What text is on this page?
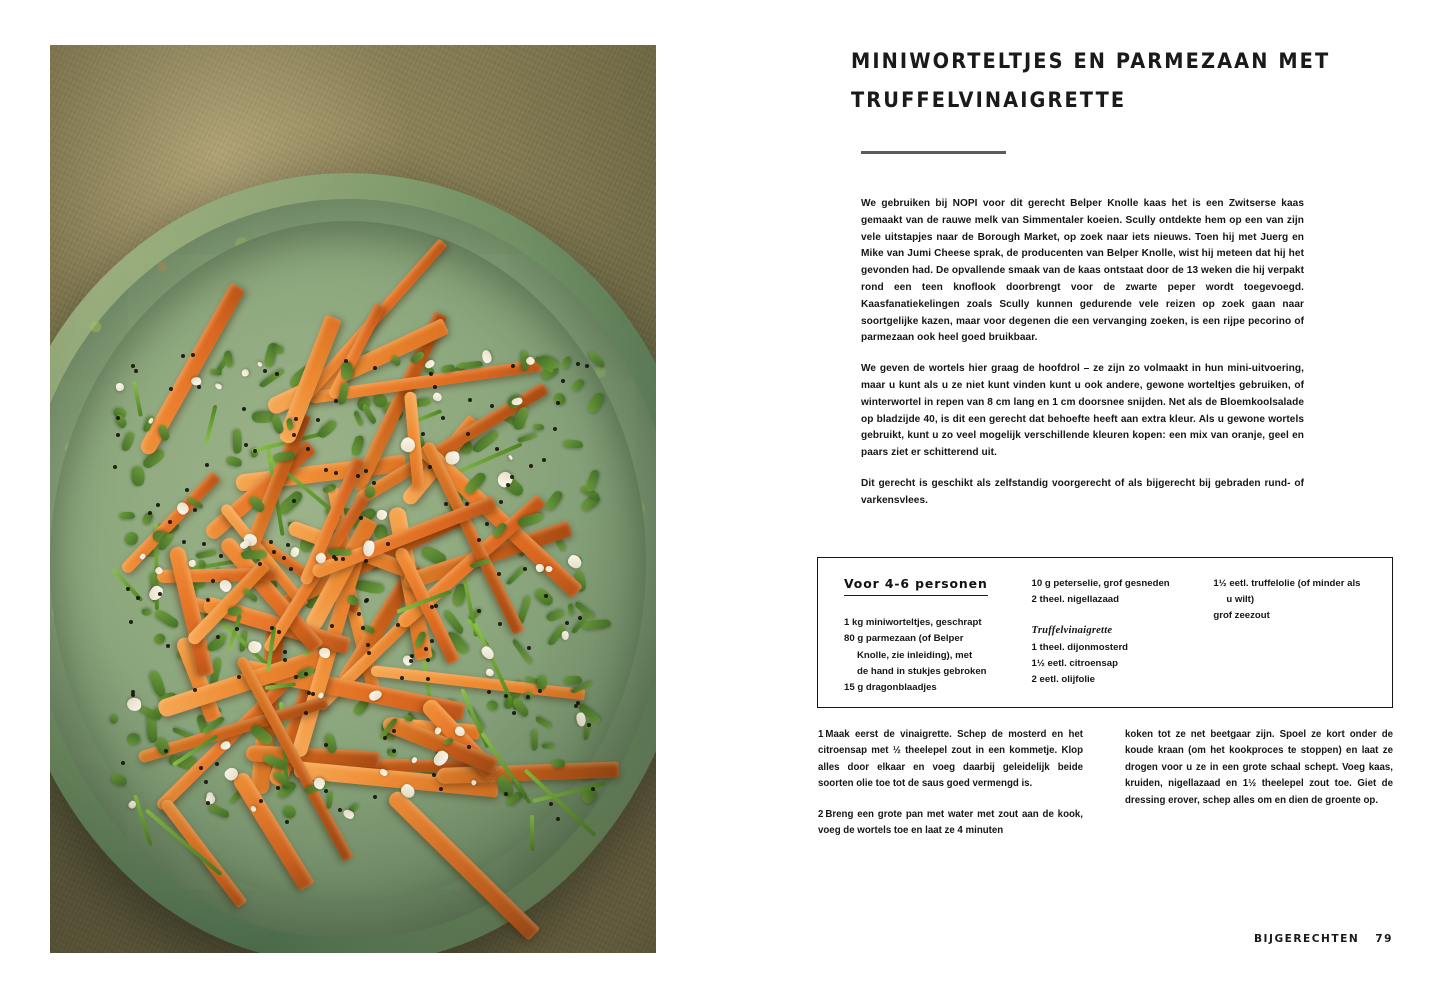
MINIWORTELTJES EN PARMEZAAN MET
TRUFFELVINAIGRETTE

We gebruiken bij NOPI voor dit gerecht Belper Knolle kaas het is een Zwitserse kaas gemaakt van de rauwe melk van Simmentaler koeien. Scully ontdekte hem op een van zijn vele uitstapjes naar de Borough Market, op zoek naar iets nieuws. Toen hij met Juerg en Mike van Jumi Cheese sprak, de producenten van Belper Knolle, wist hij meteen dat hij het gevonden had. De opvallende smaak van de kaas ontstaat door de 13 weken die hij verpakt rond een teen knoflook doorbrengt voor de zwarte peper wordt toegevoegd. Kaasfanatiekelingen zoals Scully kunnen gedurende vele reizen op zoek gaan naar soortgelijke kazen, maar voor degenen die een vervanging zoeken, is een rijpe pecorino of parmezaan ook heel goed bruikbaar.

We geven de wortels hier graag de hoofdrol – ze zijn zo volmaakt in hun mini-uitvoering, maar u kunt als u ze niet kunt vinden kunt u ook andere, gewone worteltjes gebruiken, of winterwortel in repen van 8 cm lang en 1 cm doorsnee snijden. Net als de Bloemkoolsalade op bladzijde 40, is dit een gerecht dat behoefte heeft aan extra kleur. Als u gewone wortels gebruikt, kunt u zo veel mogelijk verschillende kleuren kopen: een mix van oranje, geel en paars ziet er schitterend uit.

Dit gerecht is geschikt als zelfstandig voorgerecht of als bijgerecht bij gebraden rund- of varkensvlees.

Voor 4-6 personen

1 kg miniworteltjes, geschrapt

80 g parmezaan (of Belper

Knolle, zie inleiding), met

de hand in stukjes gebroken

15 g dragonblaadjes

10 g peterselie, grof gesneden

2 theel. nigellazaad

Truffelvinaigrette

1 theel. dijonmosterd

1½ eetl. citroensap

2 eetl. olijfolie

1½ eetl. truffelolie (of minder als

u wilt)

grof zeezout

1 Maak eerst de vinaigrette. Schep de mosterd en het citroensap met ½ theelepel zout in een kommetje. Klop alles door elkaar en voeg daarbij geleidelijk beide soorten olie toe tot de saus goed vermengd is.

2 Breng een grote pan met water met zout aan de kook, voeg de wortels toe en laat ze 4 minuten

koken tot ze net beetgaar zijn. Spoel ze kort onder de koude kraan (om het kookproces te stoppen) en laat ze drogen voor u ze in een grote schaal schept. Voeg kaas, kruiden, nigellazaad en 1½ theelepel zout toe. Giet de dressing erover, schep alles om en dien de groente op.

BIJGERECHTEN 79
